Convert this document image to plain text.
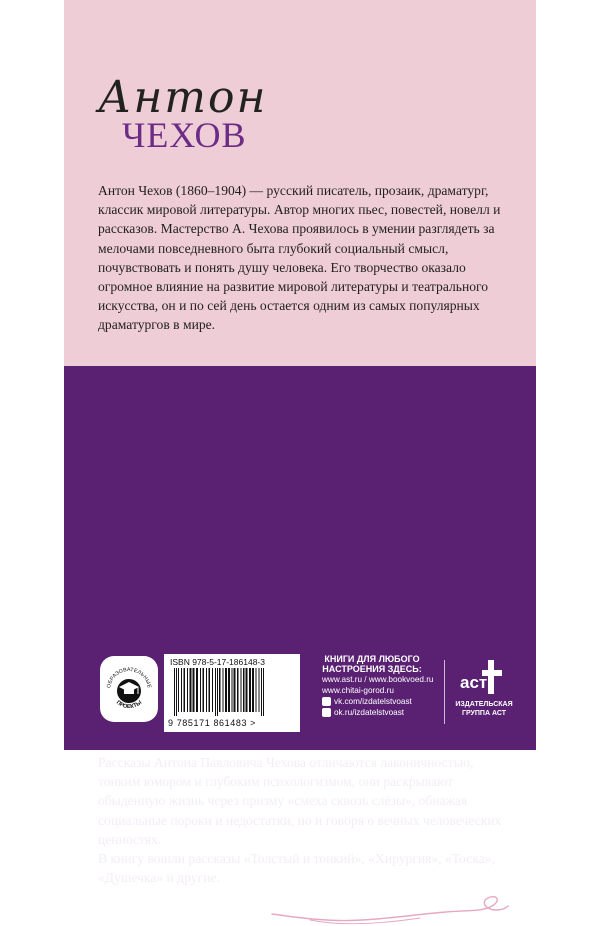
Антон
ЧЕХОВ

Антон Чехов (1860–1904) — русский писатель, прозаик, драматург, классик мировой литературы. Автор многих пьес, повестей, новелл и рассказов. Мастерство А. Чехова проявилось в умении разглядеть за мелочами повседневного быта глубокий социальный смысл, почувствовать и понять душу человека. Его творчество оказало огромное влияние на развитие мировой литературы и театрального искусства, он и по сей день остается одним из самых популярных драматургов в мире.

Рассказы Антона Павловича Чехова отличаются лаконичностью, тонким юмором и глубоким психологизмом, они раскрывают обыденную жизнь через призму «смеха сквозь слёзы», обнажая социальные пороки и недостатки, но и говоря о вечных человеческих ценностях.

В книгу вошли рассказы «Толстый и тонкий», «Хирургия», «Тоска», «Душечка» и другие.

ОБРАЗОВАТЕЛЬНЫЕ
ПРОЕКТЫ
ISBN 978-5-17-186148-3
9 785171 861483 >
КНИГИ ДЛЯ ЛЮБОГО НАСТРОЕНИЯ ЗДЕСЬ:
www.ast.ru / www.bookvoed.ru
www.chitai-gorod.ru
vk.com/izdatelstvoast
ok.ru/izdatelstvoast
аст
ИЗДАТЕЛЬСКАЯ ГРУППА АСТ
